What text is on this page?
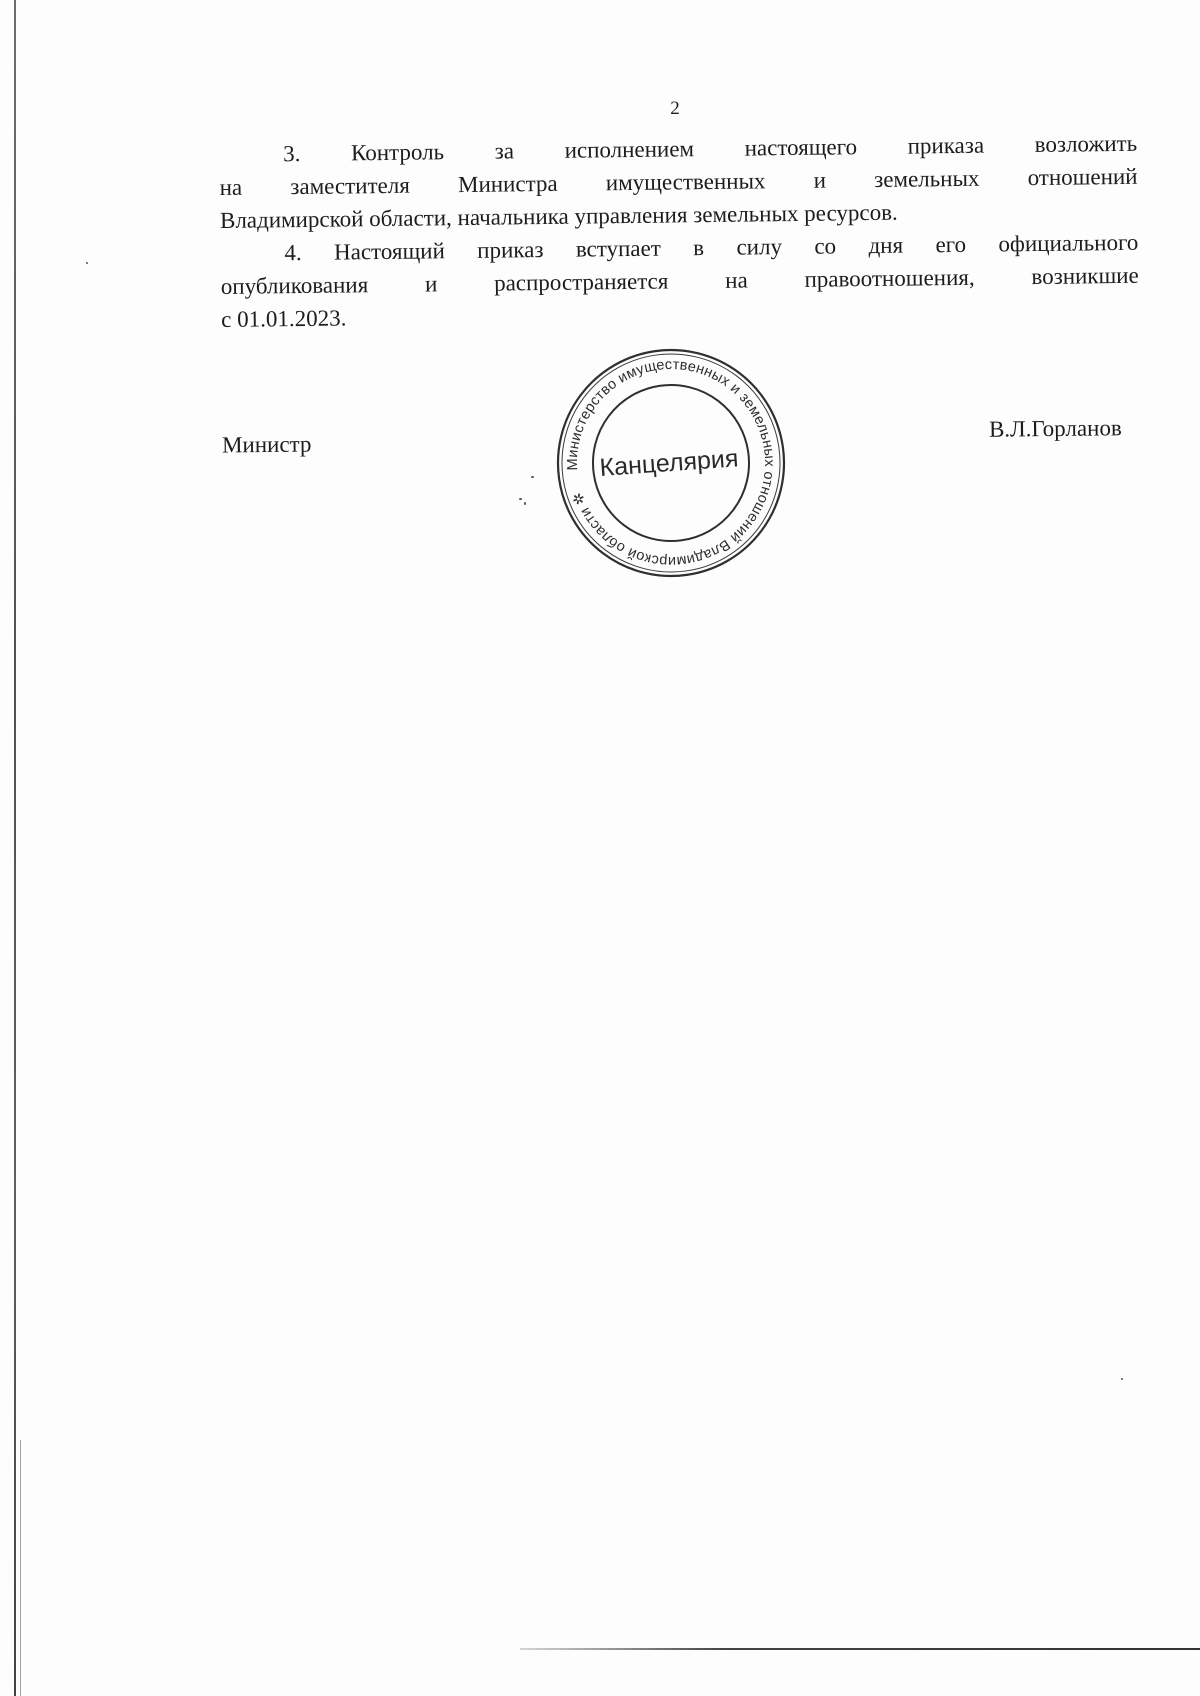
2

3. Контроль за исполнением настоящего приказа возложить
на заместителя Министра имущественных и земельных отношений
Владимирской области, начальника управления земельных ресурсов.

4. Настоящий приказ вступает в силу со дня его официального
опубликования и распространяется на правоотношения, возникшие
с 01.01.2023.

Министр
В.Л.Горланов
Министерство имущественных и земельных отношений Владимирской области ✲
Канцелярия
